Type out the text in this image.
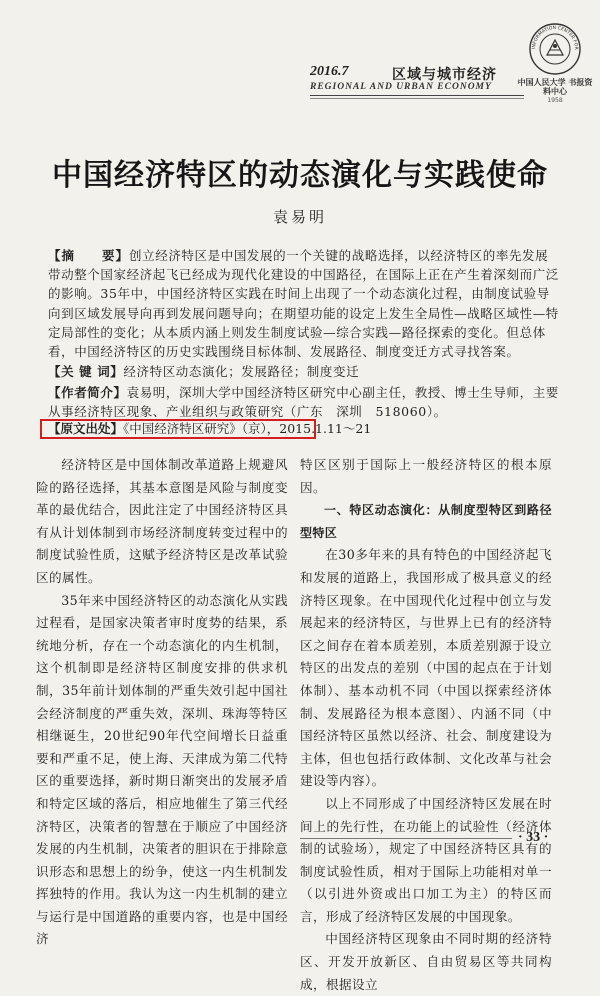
2016.7	区域与城市经济
REGIONAL AND URBAN ECONOMY
INFORMATION CENTER FOR
中国人民大学 书报资料中心
1958
中国经济特区的动态演化与实践使命
袁易明
【摘　　要】创立经济特区是中国发展的一个关键的战略选择，以经济特区的率先发展带动整个国家经济起飞已经成为现代化建设的中国路径，在国际上正在产生着深刻而广泛的影响。35年中，中国经济特区实践在时间上出现了一个动态演化过程，由制度试验导向到区域发展导向再到发展问题导向；在期望功能的设定上发生全局性—战略区域性—特定局部性的变化；从本质内涵上则发生制度试验—综合实践—路径探索的变化。但总体看，中国经济特区的历史实践围绕目标体制、发展路径、制度变迁方式寻找答案。
【关 键 词】经济特区动态演化；发展路径；制度变迁
【作者简介】袁易明，深圳大学中国经济特区研究中心副主任，教授、博士生导师，主要从事经济特区现象、产业组织与政策研究（广东　深圳　518060）。
【原文出处】《中国经济特区研究》（京），2015.1.11～21

经济特区是中国体制改革道路上规避风险的路径选择，其基本意图是风险与制度变革的最优结合，因此注定了中国经济特区具有从计划体制到市场经济制度转变过程中的制度试验性质，这赋予经济特区是改革试验区的属性。

35年来中国经济特区的动态演化从实践过程看，是国家决策者审时度势的结果，系统地分析，存在一个动态演化的内生机制，这个机制即是经济特区制度安排的供求机制，35年前计划体制的严重失效引起中国社会经济制度的严重失效，深圳、珠海等特区相继诞生，20世纪90年代空间增长日益重要和严重不足，使上海、天津成为第二代特区的重要选择，新时期日渐突出的发展矛盾和特定区域的落后，相应地催生了第三代经济特区，决策者的智慧在于顺应了中国经济发展的内生机制，决策者的胆识在于排除意识形态和思想上的纷争，使这一内生机制发挥独特的作用。我认为这一内生机制的建立与运行是中国道路的重要内容，也是中国经济

特区区别于国际上一般经济特区的根本原因。

一、特区动态演化：从制度型特区到路径型特区

在30多年来的具有特色的中国经济起飞和发展的道路上，我国形成了极具意义的经济特区现象。在中国现代化过程中创立与发展起来的经济特区，与世界上已有的经济特区之间存在着本质差别，本质差别源于设立特区的出发点的差别（中国的起点在于计划体制）、基本动机不同（中国以探索经济体制、发展路径为根本意图）、内涵不同（中国经济特区虽然以经济、社会、制度建设为主体，但也包括行政体制、文化改革与社会建设等内容）。

以上不同形成了中国经济特区发展在时间上的先行性，在功能上的试验性（经济体制的试验场），规定了中国经济特区具有的制度试验性质，相对于国际上功能相对单一（以引进外资或出口加工为主）的特区而言，形成了经济特区发展的中国现象。

中国经济特区现象由不同时期的经济特区、开发开放新区、自由贸易区等共同构成，根据设立

· 33 ·
